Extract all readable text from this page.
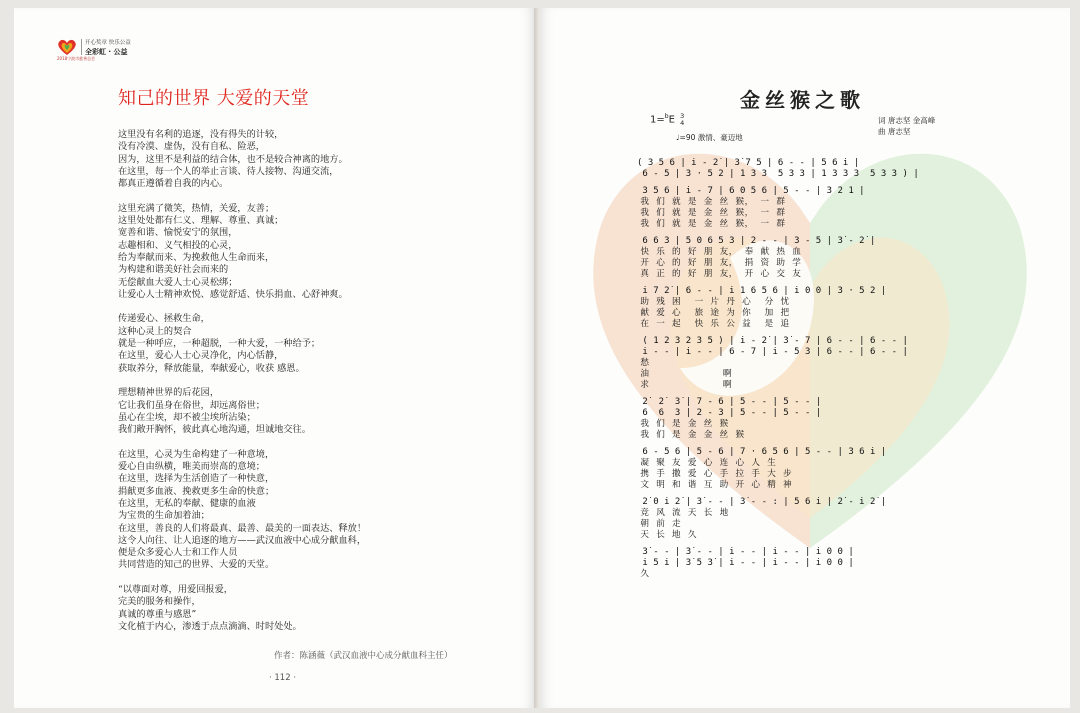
2018宁波市慈善总会
开心奖章 快乐公益
全彩虹 · 公益
知己的世界 大爱的天堂
这里没有名利的追逐，没有得失的计较，
没有冷漠、虚伪，没有自私、险恶，
因为，这里不是利益的结合体，也不是较合神离的地方。
在这里，每一个人的举止言谈、待人接物、沟通交流，
都真正遵循着自我的内心。
这里充满了微笑，热情，关爱，友善；
这里处处都有仁义、理解、尊重、真诚；
宽善和谐、愉悦安宁的氛围，
志趣相和、义气相投的心灵，
给为奉献而来、为挽救他人生命而来，
为构建和谐美好社会而来的
无偿献血大爱人士心灵松绑；
让爱心人士精神欢悦、感觉舒适、快乐捐血、心舒神爽。
传递爱心、拯救生命，
这种心灵上的契合
就是一种呼应，一种超脱，一种大爱，一种给予；
在这里，爱心人士心灵净化，内心恬静，
获取养分，释放能量，奉献爱心，收获 感恩。
理想精神世界的后花园，
它让我们虽身在俗世，却远离俗世；
虽心在尘埃，却不被尘埃所沾染；
我们敞开胸怀，彼此真心地沟通，坦诚地交往。
在这里，心灵为生命构建了一种意境，
爱心自由纵横，唯美而崇高的意境；
在这里，选择为生活创造了一种快意，
捐献更多血液、挽救更多生命的快意；
在这里，无私的奉献、健康的血液
为宝贵的生命加着油；
在这里，善良的人们将最真、最善、最美的一面表达、释放！
这令人向往、让人追逐的地方——武汉血液中心成分献血科，
便是众多爱心人士和工作人员
共同营造的知己的世界、大爱的天堂。
“以尊面对尊，用爱回报爱，
完美的服务和操作，
真诚的尊重与感恩”
文化植于内心，渗透于点点滴滴、时时处处。
作者：陈涵薇（武汉血液中心成分献血科主任）
· 112 ·
金丝猴之歌
1=$^b$E 3
4
♩=90 激情、豪迈地
词 唐志坚 金高峰
曲 唐志坚
( 3 5 6 | i̇ - 2̇ | 3̇ 7 5 | 6 - - | 5 6 i̇ |
6 - 5 | 3 · 5 2 | 1 3 3  5 3 3 | 1 3 3 3  5 3 3 ) |
3 5 6 | i̇ - 7 | 6 0 5 6 | 5 - - | 3 2 1 |
我  们  就  是  金  丝  猴，  一  群
我  们  就  是  金  丝  猴，  一  群
我  们  就  是  金  丝  猴，  一  群
6 6 3 | 5 0 6 5 3 | 2 - - | 3 - 5 | 3̇ - 2̇ |
快  乐  的  好  朋  友，  奉  献  热  血
开  心  的  好  朋  友，  捐  资  助  学
真  正  的  好  朋  友，  开  心  交  友
i̇ 7 2̇ | 6 - - | i̇ 1 6 5 6 | i̇ 0 0 | 3 · 5 2 |
助  残  困    一  片  丹  心    分  忧
献  爱  心    旅  途  为  你    加  把
在  一  起    快  乐  公  益    是  追
( 1 2 3 2 3 5 ) | i̇ - 2̇ | 3̇ - 7 | 6 - - | 6 - - |
i̇ - - | i̇ - - | 6 - 7 | i̇ - 5 3 | 6 - - | 6 - - |
愁
油                      啊
求                      啊
2̇  2̇  3̇ | 7 - 6 | 5 - - | 5 - - |
6  6  3 | 2 - 3 | 5 - - | 5 - - |
我  们  是  金  丝  猴
我  们  是  金  金  丝  猴
6 - 5 6 | 5 - 6 | 7 · 6 5 6 | 5 - - | 3 6 i̇ |
凝  聚  友  爱  心  连  心  人  生
携  手  撒  爱  心  手  拉  手  大  步
文  明  和  谐  互  助  开  心  精  神
2̇ 0 i̇ 2̇ | 3̇ - - | 3̇ - - : | 5 6 i̇ | 2̇ - i̇ 2̇ |
竞  风  流  天  长  地
朝  前  走
天  长  地  久
3̇ - - | 3̇ - - | i̇ - - | i̇ - - | i̇ 0 0 |
i̇ 5 i̇ | 3̇ 5 3̇ | i̇ - - | i̇ - - | i̇ 0 0 |
久
